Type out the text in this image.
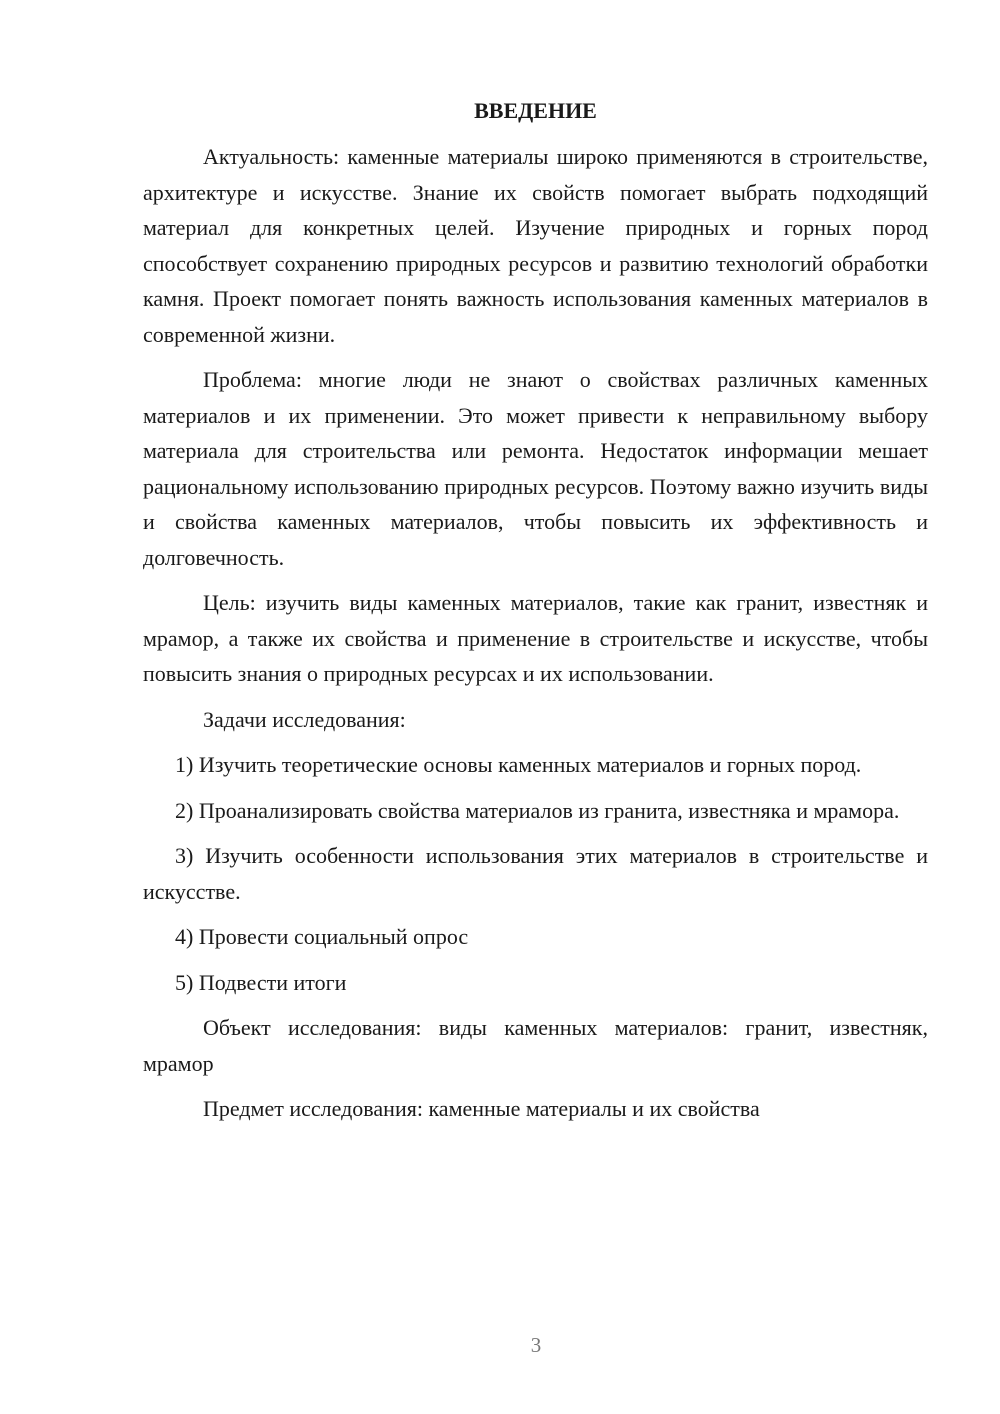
ВВЕДЕНИЕ

Актуальность: каменные материалы широко применяются в строительстве, архитектуре и искусстве. Знание их свойств помогает выбрать подходящий материал для конкретных целей. Изучение природных и горных пород способствует сохранению природных ресурсов и развитию технологий обработки камня. Проект помогает понять важность использования каменных материалов в современной жизни.

Проблема: многие люди не знают о свойствах различных каменных материалов и их применении. Это может привести к неправильному выбору материала для строительства или ремонта. Недостаток информации мешает рациональному использованию природных ресурсов. Поэтому важно изучить виды и свойства каменных материалов, чтобы повысить их эффективность и долговечность.

Цель: изучить виды каменных материалов, такие как гранит, известняк и мрамор, а также их свойства и применение в строительстве и искусстве, чтобы повысить знания о природных ресурсах и их использовании.

Задачи исследования:

1) Изучить теоретические основы каменных материалов и горных пород.

2) Проанализировать свойства материалов из гранита, известняка и мрамора.

3) Изучить особенности использования этих материалов в строительстве и искусстве.

4) Провести социальный опрос

5) Подвести итоги

Объект исследования: виды каменных материалов: гранит, известняк, мрамор

Предмет исследования: каменные материалы и их свойства

3
